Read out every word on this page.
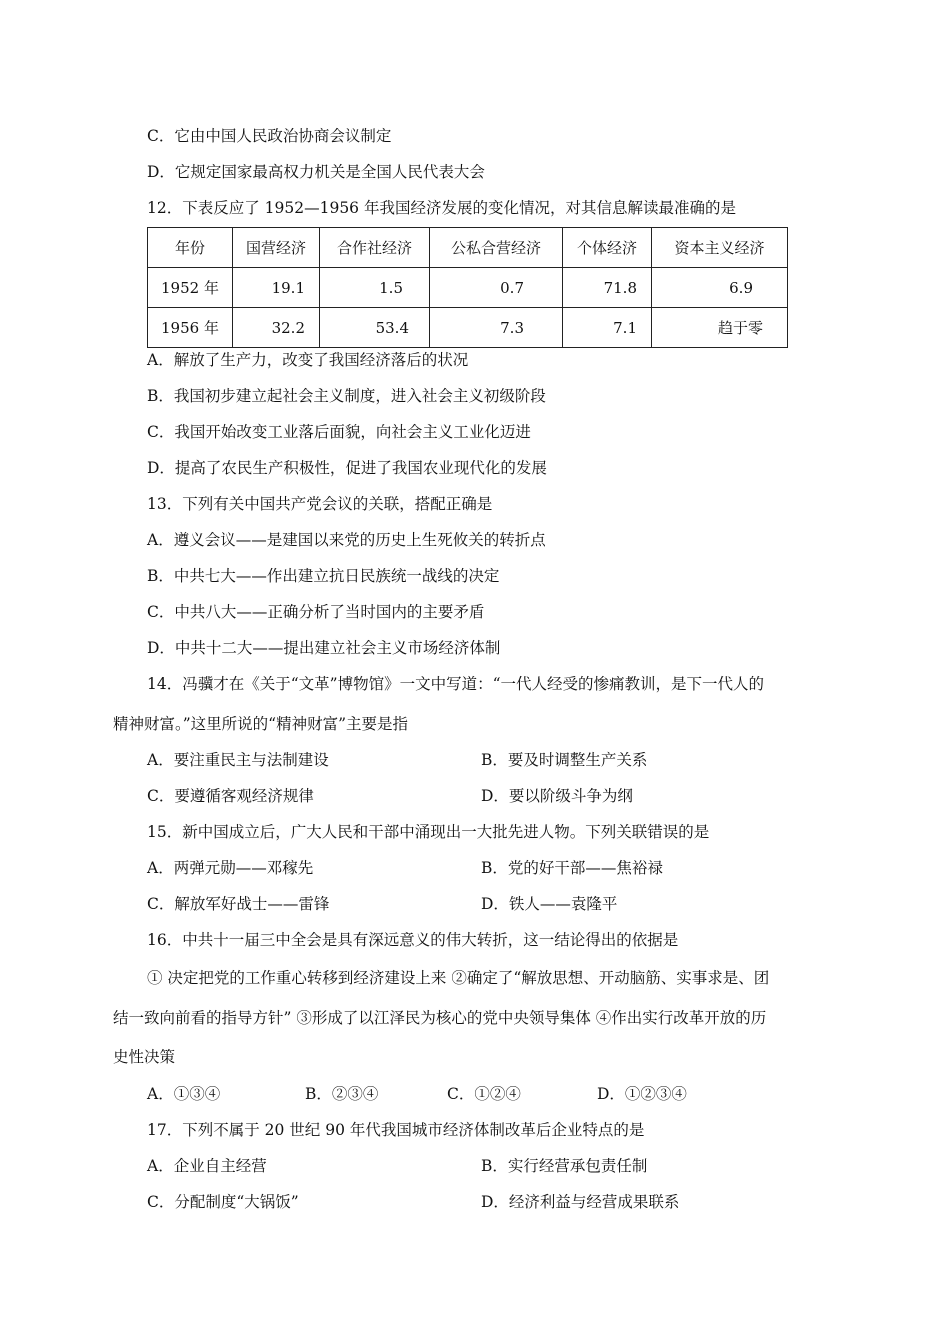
C．它由中国人民政治协商会议制定
D．它规定国家最高权力机关是全国人民代表大会
12．下表反应了 1952—1956 年我国经济发展的变化情况，对其信息解读最准确的是
年份	国营经济	合作社经济	公私合营经济	个体经济	资本主义经济
1952 年	19.1	1.5	0.7	71.8	6.9
1956 年	32.2	53.4	7.3	7.1	趋于零
A．解放了生产力，改变了我国经济落后的状况
B．我国初步建立起社会主义制度，进入社会主义初级阶段
C．我国开始改变工业落后面貌，向社会主义工业化迈进
D．提高了农民生产积极性，促进了我国农业现代化的发展
13．下列有关中国共产党会议的关联，搭配正确是
A．遵义会议——是建国以来党的历史上生死攸关的转折点
B．中共七大——作出建立抗日民族统一战线的决定
C．中共八大——正确分析了当时国内的主要矛盾
D．中共十二大——提出建立社会主义市场经济体制
14．冯骥才在《关于“文革”博物馆》一文中写道：“一代人经受的惨痛教训，是下一代人的
精神财富。”这里所说的“精神财富”主要是指
A．要注重民主与法制建设	B．要及时调整生产关系
C．要遵循客观经济规律	D．要以阶级斗争为纲
15．新中国成立后，广大人民和干部中涌现出一大批先进人物。下列关联错误的是
A．两弹元勋——邓稼先	B．党的好干部——焦裕禄
C．解放军好战士——雷锋	D．铁人——袁隆平
16．中共十一届三中全会是具有深远意义的伟大转折，这一结论得出的依据是
① 决定把党的工作重心转移到经济建设上来 ②确定了“解放思想、开动脑筋、实事求是、团
结一致向前看的指导方针” ③形成了以江泽民为核心的党中央领导集体 ④作出实行改革开放的历
史性决策
A．①③④	B．②③④	C．①②④	D．①②③④
17．下列不属于 20 世纪 90 年代我国城市经济体制改革后企业特点的是
A．企业自主经营	B．实行经营承包责任制
C．分配制度“大锅饭”	D．经济利益与经营成果联系
